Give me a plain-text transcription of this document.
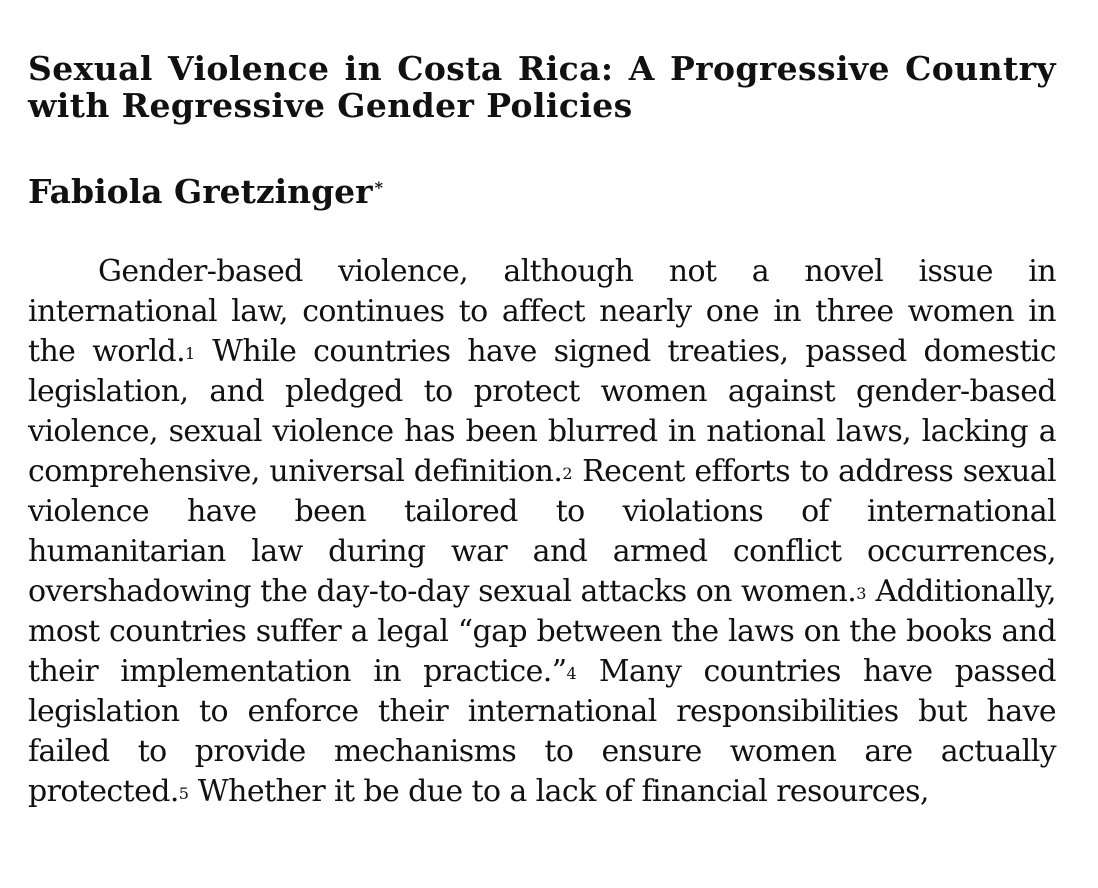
Sexual Violence in Costa Rica: A Progressive Country with Regressive Gender Policies
Fabiola Gretzinger *

Gender-based violence, although not a novel issue in international law, continues to affect nearly one in three women in the world.$^1$ While countries have signed treaties, passed domestic legislation, and pledged to protect women against gender-based violence, sexual violence has been blurred in national laws, lacking a comprehensive, universal definition.$^2$ Recent efforts to address sexual violence have been tailored to violations of international humanitarian law during war and armed conflict occurrences, overshadowing the day-to-day sexual attacks on women.$^3$ Additionally, most countries suffer a legal “gap between the laws on the books and their implementation in practice.”$^4$ Many countries have passed legislation to enforce their international responsibilities but have failed to provide mechanisms to ensure women are actually protected.$^5$ Whether it be due to a lack of financial resources,
